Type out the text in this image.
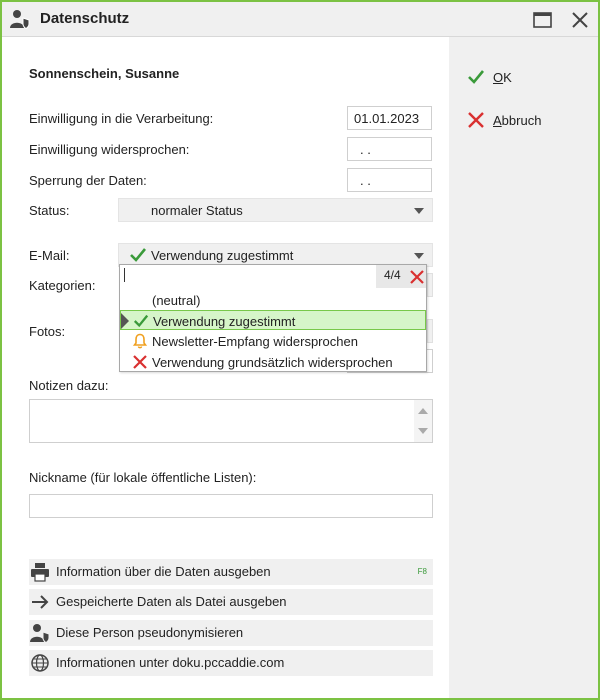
Datenschutz
OK
Abbruch
Sonnenschein, Susanne
Einwilligung in die Verarbeitung:	01.01.2023
Einwilligung widersprochen:	. .
Sperrung der Daten:	. .
Status:	normaler Status
E-Mail:	Verwendung zugestimmt
Kategorien:
Fotos:
Notizen dazu:
Nickname (für lokale öffentliche Listen):
Information über die Daten ausgeben	F8
Gespeicherte Daten als Datei ausgeben
Diese Person pseudonymisieren
Informationen unter doku.pccaddie.com
4/4
(neutral)
Verwendung zugestimmt
Newsletter-Empfang widersprochen
Verwendung grundsätzlich widersprochen
